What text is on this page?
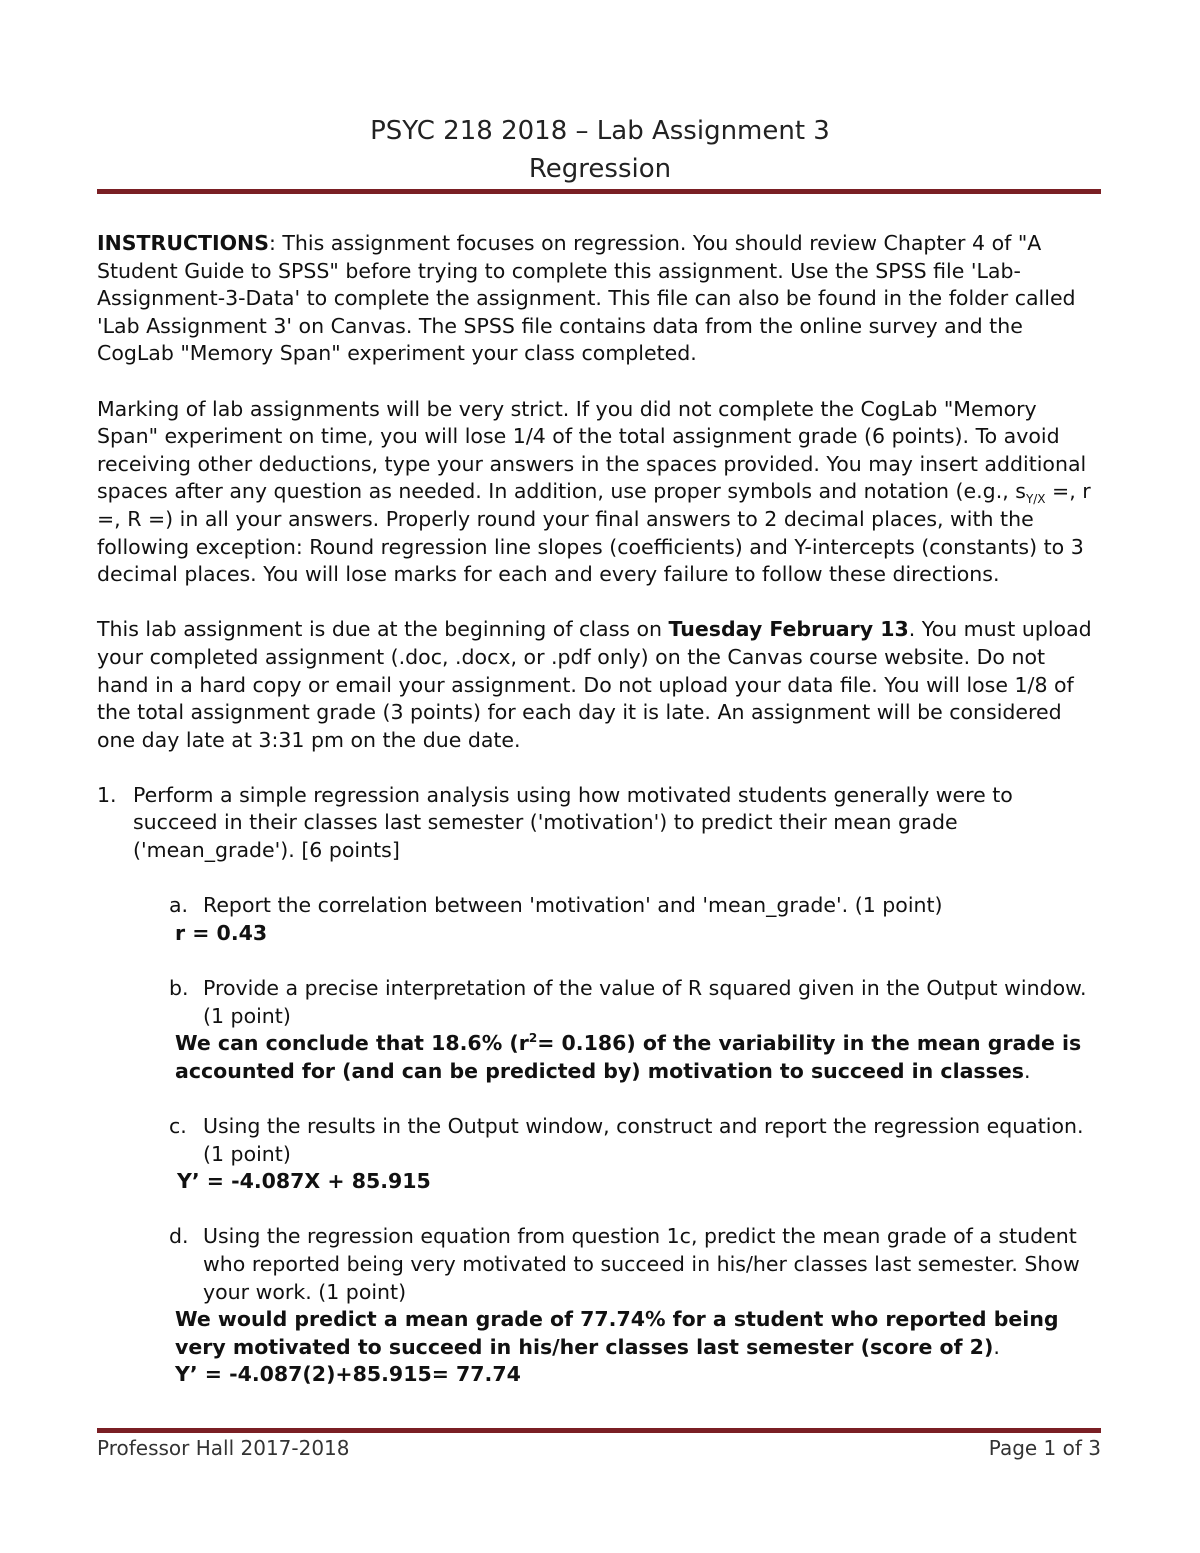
PSYC 218 2018 – Lab Assignment 3
Regression

INSTRUCTIONS: This assignment focuses on regression. You should review Chapter 4 of "A Student Guide to SPSS" before trying to complete this assignment. Use the SPSS file 'Lab-Assignment-3-Data' to complete the assignment. This file can also be found in the folder called 'Lab Assignment 3' on Canvas. The SPSS file contains data from the online survey and the CogLab "Memory Span" experiment your class completed.

Marking of lab assignments will be very strict. If you did not complete the CogLab "Memory Span" experiment on time, you will lose 1/4 of the total assignment grade (6 points). To avoid receiving other deductions, type your answers in the spaces provided. You may insert additional spaces after any question as needed. In addition, use proper symbols and notation (e.g., $s_{Y/X}$ =, r =, R =) in all your answers. Properly round your final answers to 2 decimal places, with the following exception: Round regression line slopes (coefficients) and Y-intercepts (constants) to 3 decimal places. You will lose marks for each and every failure to follow these directions.

This lab assignment is due at the beginning of class on Tuesday February 13. You must upload your completed assignment (.doc, .docx, or .pdf only) on the Canvas course website. Do not hand in a hard copy or email your assignment. Do not upload your data file. You will lose 1/8 of the total assignment grade (3 points) for each day it is late. An assignment will be considered one day late at 3:31 pm on the due date.

1. Perform a simple regression analysis using how motivated students generally were to succeed in their classes last semester ('motivation') to predict their mean grade ('mean_grade'). [6 points]
a. Report the correlation between 'motivation' and 'mean_grade'. (1 point)
r = 0.43
b. Provide a precise interpretation of the value of R squared given in the Output window. (1 point)
We can conclude that 18.6% $(r^2= 0.186)$ of the variability in the mean grade is accounted for (and can be predicted by) motivation to succeed in classes.
c. Using the results in the Output window, construct and report the regression equation. (1 point)
Y’ = -4.087X + 85.915
d. Using the regression equation from question 1c, predict the mean grade of a student who reported being very motivated to succeed in his/her classes last semester. Show your work. (1 point)
We would predict a mean grade of 77.74% for a student who reported being very motivated to succeed in his/her classes last semester (score of 2).
Y’ = -4.087(2)+85.915= 77.74
Professor Hall 2017-2018	Page 1 of 3
